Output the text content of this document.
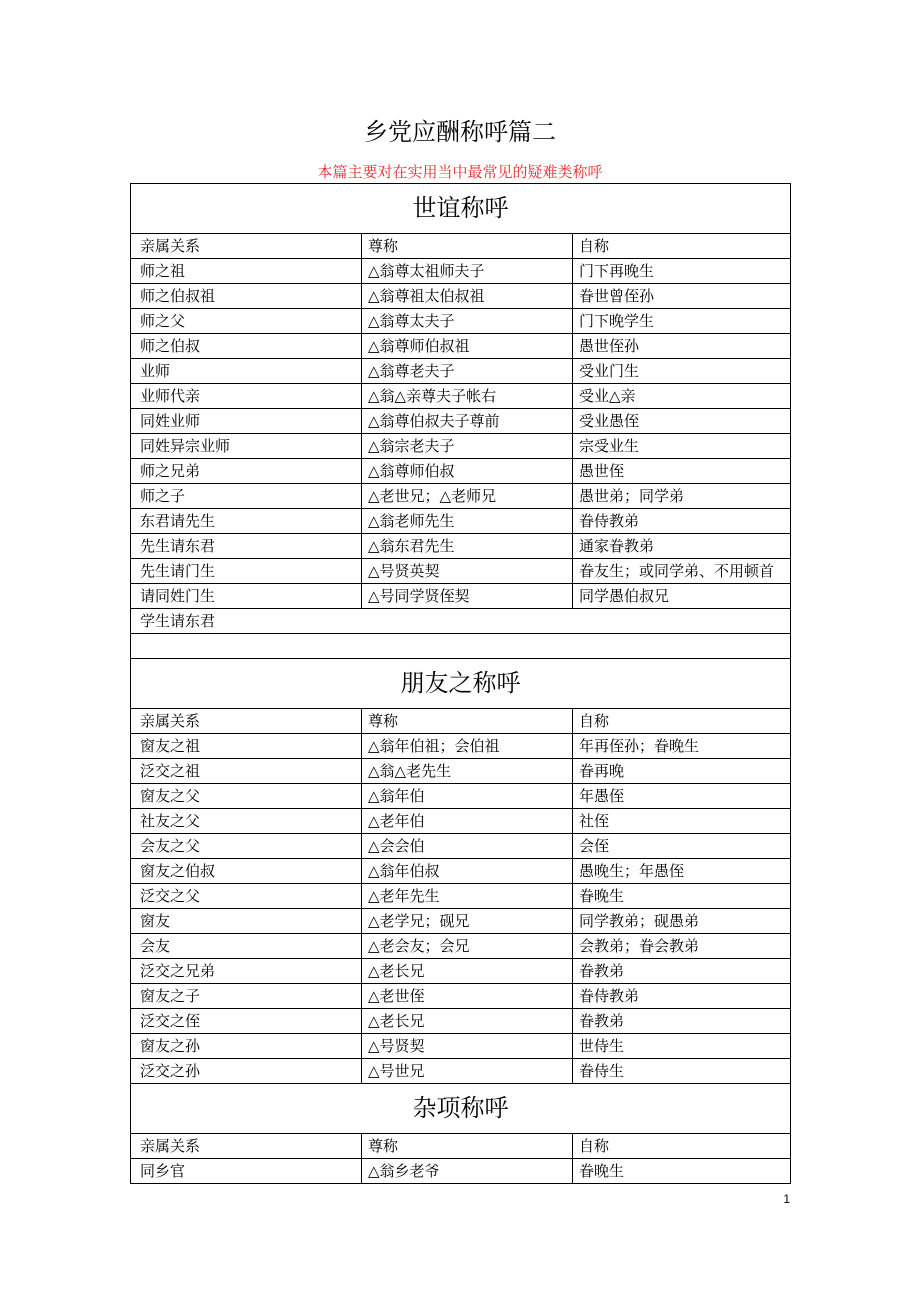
乡党应酬称呼篇二
本篇主要对在实用当中最常见的疑难类称呼
世谊称呼		
亲属关系	尊称	自称
师之祖	△翁尊太祖师夫子	门下再晚生
师之伯叔祖	△翁尊祖太伯叔祖	眷世曾侄孙
师之父	△翁尊太夫子	门下晚学生
师之伯叔	△翁尊师伯叔祖	愚世侄孙
业师	△翁尊老夫子	受业门生
业师代亲	△翁△亲尊夫子帐右	受业△亲
同姓业师	△翁尊伯叔夫子尊前	受业愚侄
同姓异宗业师	△翁宗老夫子	宗受业生
师之兄弟	△翁尊师伯叔	愚世侄
师之子	△老世兄；△老师兄	愚世弟；同学弟
东君请先生	△翁老师先生	眷侍教弟
先生请东君	△翁东君先生	通家眷教弟
先生请门生	△号贤英契	眷友生；或同学弟、不用顿首
请同姓门生	△号同学贤侄契	同学愚伯叔兄
学生请东君		

朋友之称呼		
亲属关系	尊称	自称
窗友之祖	△翁年伯祖；会伯祖	年再侄孙；眷晚生
泛交之祖	△翁△老先生	眷再晚
窗友之父	△翁年伯	年愚侄
社友之父	△老年伯	社侄
会友之父	△会会伯	会侄
窗友之伯叔	△翁年伯叔	愚晚生；年愚侄
泛交之父	△老年先生	眷晚生
窗友	△老学兄；砚兄	同学教弟；砚愚弟
会友	△老会友；会兄	会教弟；眷会教弟
泛交之兄弟	△老长兄	眷教弟
窗友之子	△老世侄	眷侍教弟
泛交之侄	△老长兄	眷教弟
窗友之孙	△号贤契	世侍生
泛交之孙	△号世兄	眷侍生
杂项称呼		
亲属关系	尊称	自称
同乡官	△翁乡老爷	眷晚生
1
